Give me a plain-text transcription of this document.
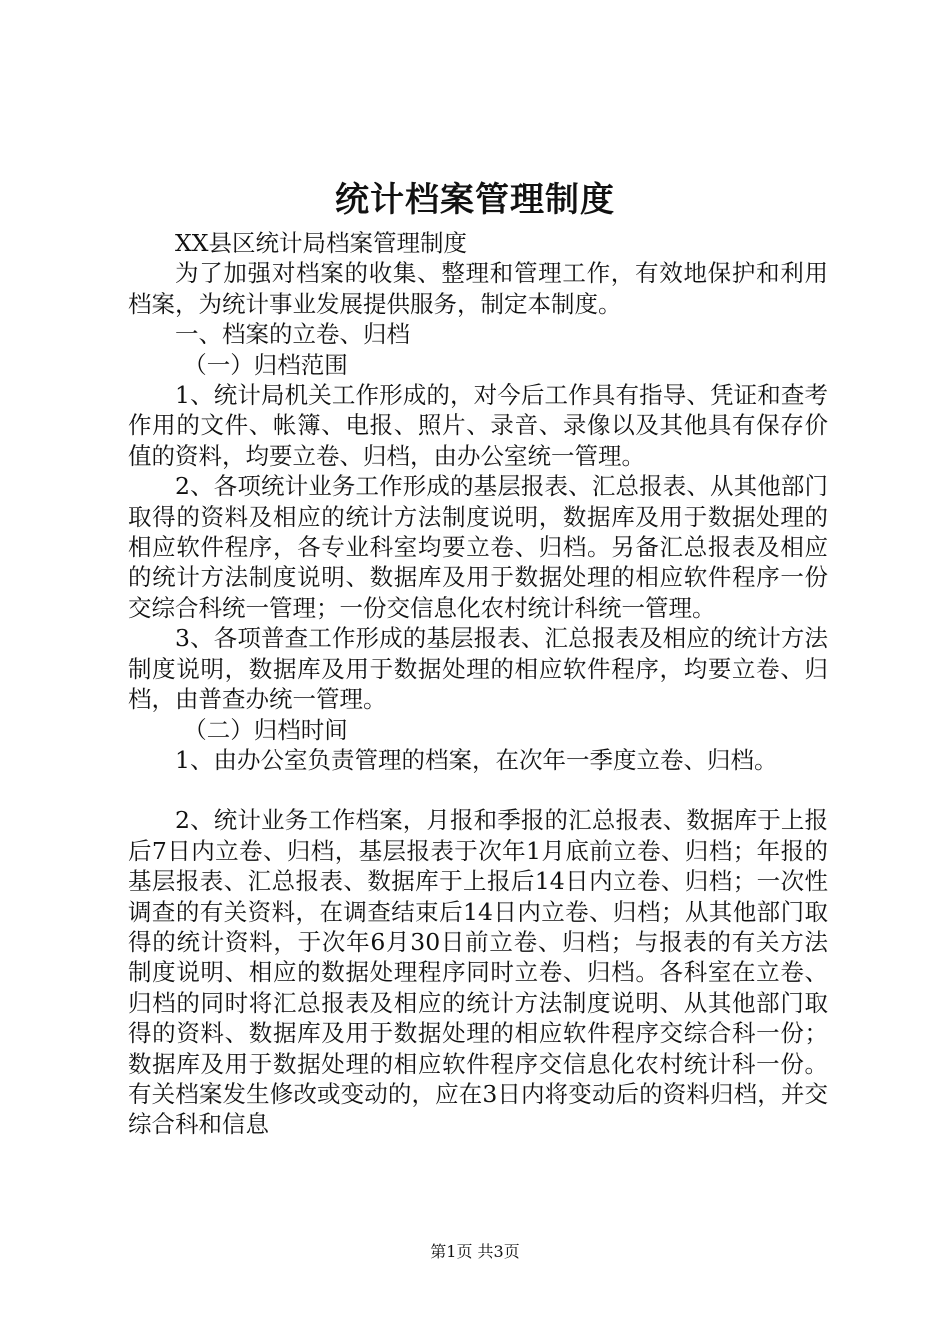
统计档案管理制度

XX县区统计局档案管理制度

为了加强对档案的收集、整理和管理工作，有效地保护和利用档案，为统计事业发展提供服务，制定本制度。

一、档案的立卷、归档

（一）归档范围

1、统计局机关工作形成的，对今后工作具有指导、凭证和查考作用的文件、帐簿、电报、照片、录音、录像以及其他具有保存价值的资料，均要立卷、归档，由办公室统一管理。

2、各项统计业务工作形成的基层报表、汇总报表、从其他部门取得的资料及相应的统计方法制度说明，数据库及用于数据处理的相应软件程序，各专业科室均要立卷、归档。另备汇总报表及相应的统计方法制度说明、数据库及用于数据处理的相应软件程序一份交综合科统一管理；一份交信息化农村统计科统一管理。

3、各项普查工作形成的基层报表、汇总报表及相应的统计方法制度说明，数据库及用于数据处理的相应软件程序，均要立卷、归档，由普查办统一管理。

（二）归档时间

1、由办公室负责管理的档案，在次年一季度立卷、归档。

2、统计业务工作档案，月报和季报的汇总报表、数据库于上报后7日内立卷、归档，基层报表于次年1月底前立卷、归档；年报的基层报表、汇总报表、数据库于上报后14日内立卷、归档；一次性调查的有关资料，在调查结束后14日内立卷、归档；从其他部门取得的统计资料，于次年6月30日前立卷、归档；与报表的有关方法制度说明、相应的数据处理程序同时立卷、归档。各科室在立卷、归档的同时将汇总报表及相应的统计方法制度说明、从其他部门取得的资料、数据库及用于数据处理的相应软件程序交综合科一份；数据库及用于数据处理的相应软件程序交信息化农村统计科一份。有关档案发生修改或变动的，应在3日内将变动后的资料归档，并交综合科和信息

第1页 共3页
